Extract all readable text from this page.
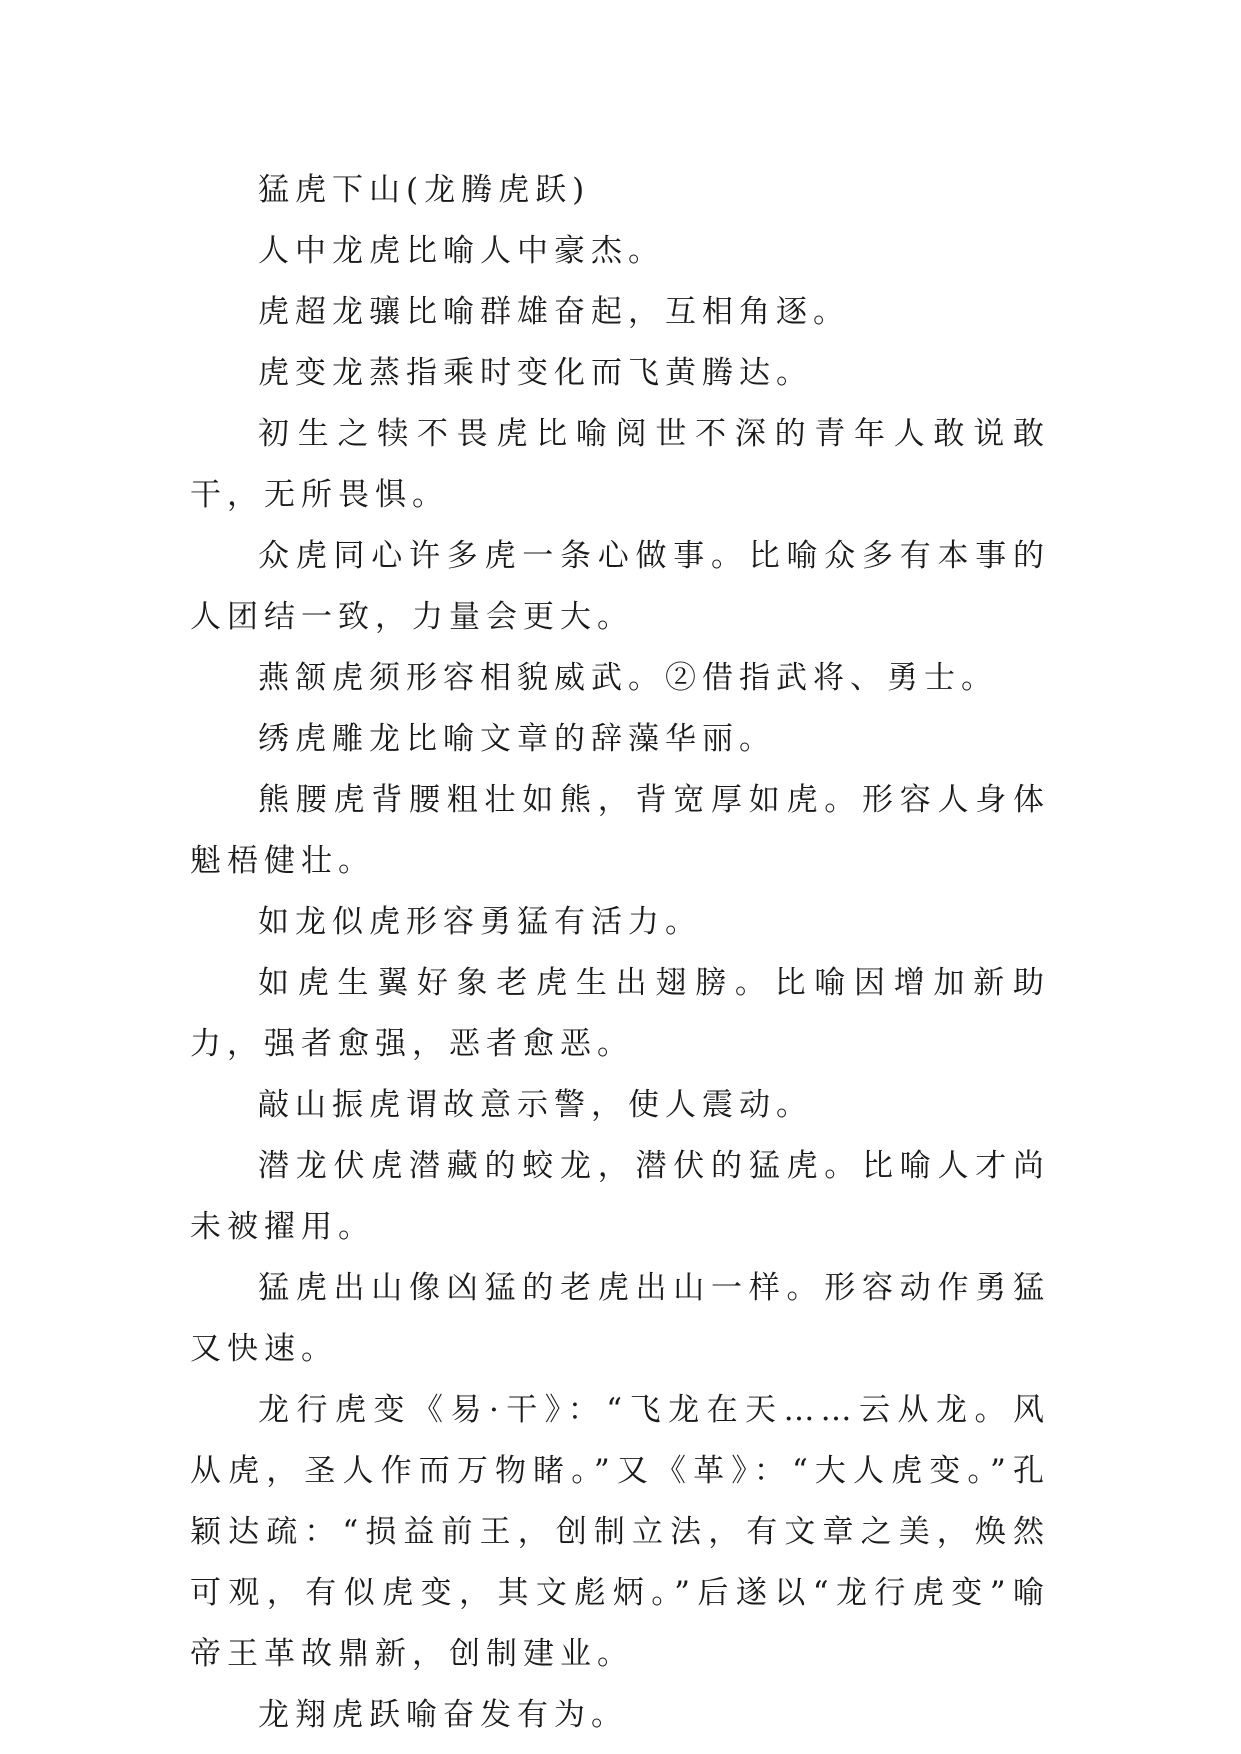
猛虎下山(龙腾虎跃)

人中龙虎比喻人中豪杰。

虎超龙骧比喻群雄奋起，互相角逐。

虎变龙蒸指乘时变化而飞黄腾达。

初生之犊不畏虎比喻阅世不深的青年人敢说敢干，无所畏惧。

众虎同心许多虎一条心做事。比喻众多有本事的人团结一致，力量会更大。

燕颔虎须形容相貌威武。②借指武将、勇士。

绣虎雕龙比喻文章的辞藻华丽。

熊腰虎背腰粗壮如熊，背宽厚如虎。形容人身体魁梧健壮。

如龙似虎形容勇猛有活力。

如虎生翼好象老虎生出翅膀。比喻因增加新助力，强者愈强，恶者愈恶。

敲山振虎谓故意示警，使人震动。

潜龙伏虎潜藏的蛟龙，潜伏的猛虎。比喻人才尚未被擢用。

猛虎出山像凶猛的老虎出山一样。形容动作勇猛又快速。

龙行虎变《易·干》：“飞龙在天……云从龙。风从虎，圣人作而万物睹。”又《革》：“大人虎变。”孔颖达疏：“损益前王，创制立法，有文章之美，焕然可观，有似虎变，其文彪炳。”后遂以“龙行虎变”喻帝王革故鼎新，创制建业。

龙翔虎跃喻奋发有为。
